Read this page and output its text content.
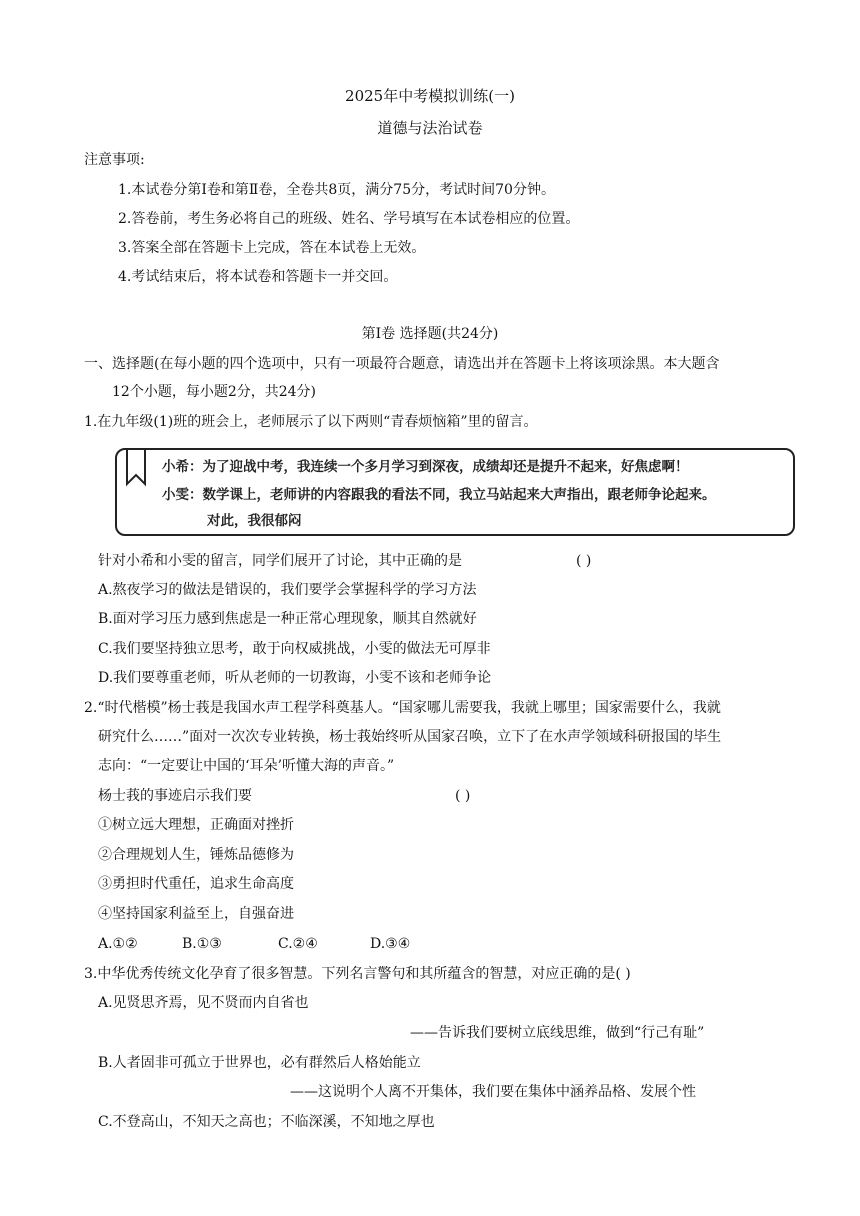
2025年中考模拟训练(一)
道德与法治试卷
注意事项:
1.本试卷分第Ⅰ卷和第Ⅱ卷，全卷共8页，满分75分，考试时间70分钟。
2.答卷前，考生务必将自己的班级、姓名、学号填写在本试卷相应的位置。
3.答案全部在答题卡上完成，答在本试卷上无效。
4.考试结束后，将本试卷和答题卡一并交回。
第Ⅰ卷 选择题(共24分)
一、选择题(在每小题的四个选项中，只有一项最符合题意，请选出并在答题卡上将该项涂黑。本大题含
12个小题，每小题2分，共24分)
1.在九年级(1)班的班会上，老师展示了以下两则“青春烦恼箱”里的留言。
小希：为了迎战中考，我连续一个多月学习到深夜，成绩却还是提升不起来，好焦虑啊！
小雯：数学课上，老师讲的内容跟我的看法不同，我立马站起来大声指出，跟老师争论起来。
对此，我很郁闷
针对小希和小雯的留言，同学们展开了讨论，其中正确的是	( )
A.熬夜学习的做法是错误的，我们要学会掌握科学的学习方法
B.面对学习压力感到焦虑是一种正常心理现象，顺其自然就好
C.我们要坚持独立思考，敢于向权威挑战，小雯的做法无可厚非
D.我们要尊重老师，听从老师的一切教诲，小雯不该和老师争论
2.“时代楷模”杨士莪是我国水声工程学科奠基人。“国家哪儿需要我，我就上哪里；国家需要什么，我就
研究什么……”面对一次次专业转换，杨士莪始终听从国家召唤，立下了在水声学领域科研报国的毕生
志向：“一定要让中国的‘耳朵’听懂大海的声音。”
杨士莪的事迹启示我们要	( )
①树立远大理想，正确面对挫折
②合理规划人生，锤炼品德修为
③勇担时代重任，追求生命高度
④坚持国家利益至上，自强奋进
A.①②	B.①③	C.②④	D.③④
3.中华优秀传统文化孕育了很多智慧。下列名言警句和其所蕴含的智慧，对应正确的是( )
A.见贤思齐焉，见不贤而内自省也
——告诉我们要树立底线思维，做到“行己有耻”
B.人者固非可孤立于世界也，必有群然后人格始能立
——这说明个人离不开集体，我们要在集体中涵养品格、发展个性
C.不登高山，不知天之高也；不临深溪，不知地之厚也
